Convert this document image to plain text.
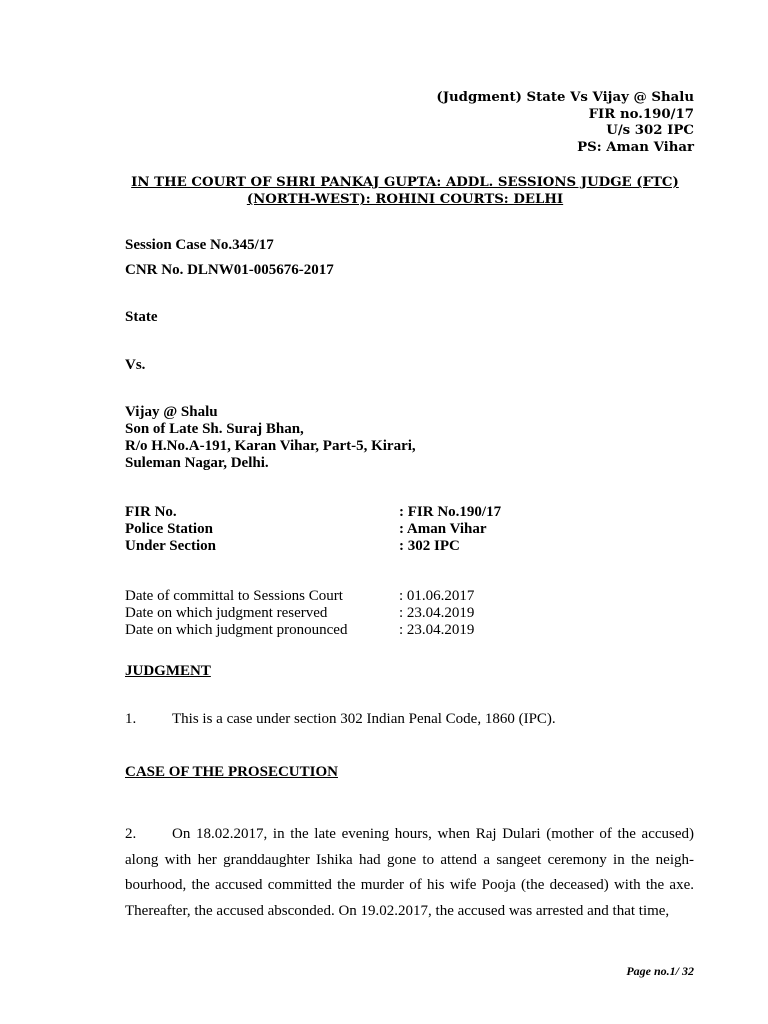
(Judgment) State Vs Vijay @ Shalu
FIR no.190/17
U/s 302 IPC
PS: Aman Vihar
IN THE COURT OF SHRI PANKAJ GUPTA: ADDL. SESSIONS JUDGE (FTC)
(NORTH-WEST): ROHINI COURTS: DELHI
Session Case No.345/17
CNR No. DLNW01-005676-2017
State
Vs.
Vijay @ Shalu
Son of Late Sh. Suraj Bhan,
R/o H.No.A-191, Karan Vihar, Part-5, Kirari,
Suleman Nagar, Delhi.
FIR No.	: FIR No.190/17
Police Station	: Aman Vihar
Under Section	: 302 IPC
Date of committal to Sessions Court	: 01.06.2017
Date on which judgment reserved	: 23.04.2019
Date on which judgment pronounced	: 23.04.2019
JUDGMENT
1. This is a case under section 302 Indian Penal Code, 1860 (IPC).
CASE OF THE PROSECUTION
2. On 18.02.2017, in the late evening hours, when Raj Dulari (mother of the accused) along with her granddaughter Ishika had gone to attend a sangeet ceremony in the neigh-bourhood, the accused committed the murder of his wife Pooja (the deceased) with the axe. Thereafter, the accused absconded. On 19.02.2017, the accused was arrested and that time,
Page no.1/ 32
